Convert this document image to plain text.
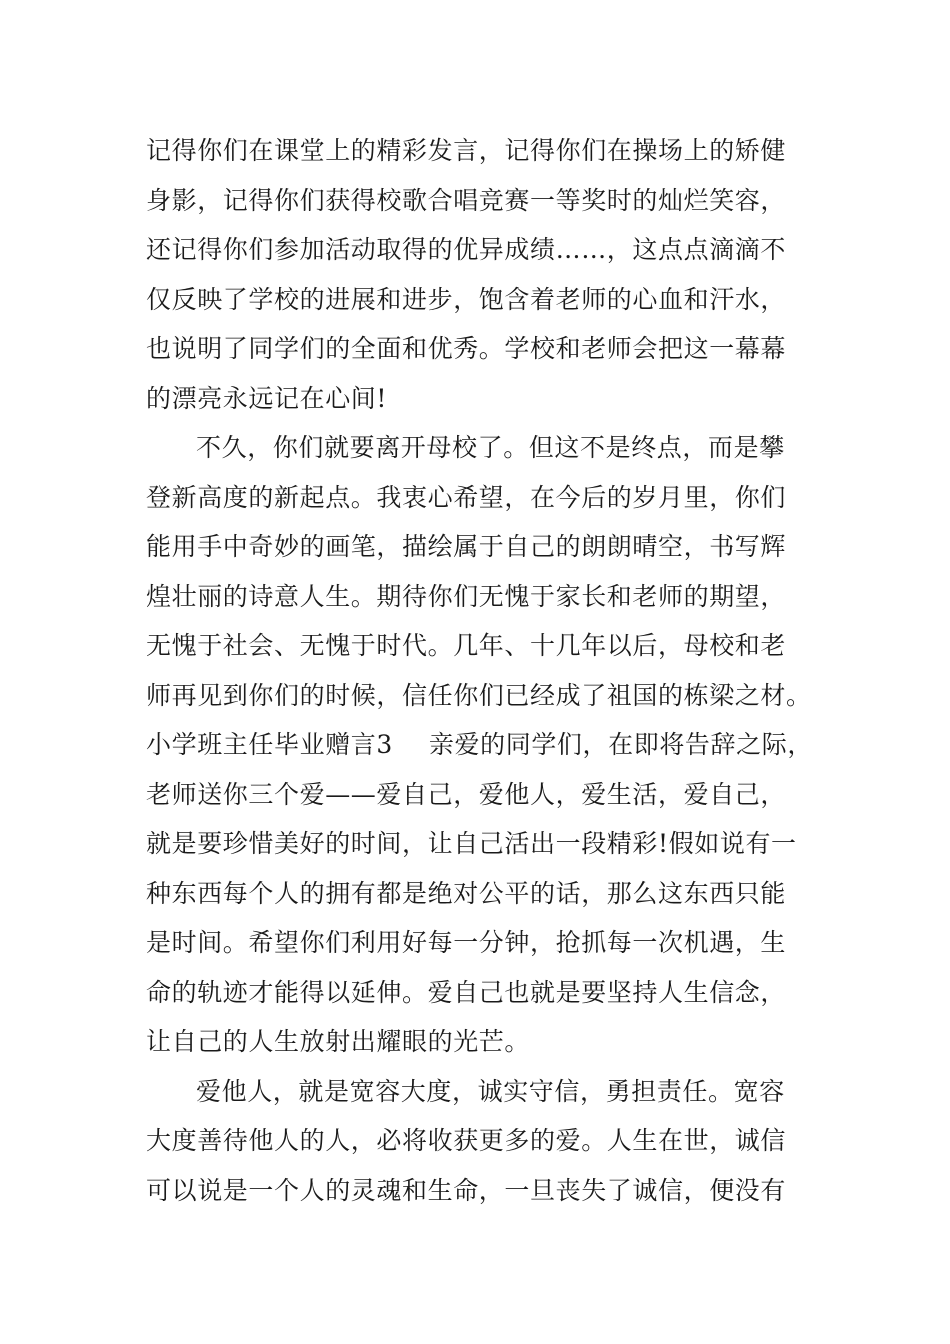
记得你们在课堂上的精彩发言，记得你们在操场上的矫健
身影，记得你们获得校歌合唱竞赛一等奖时的灿烂笑容，
还记得你们参加活动取得的优异成绩……，这点点滴滴不
仅反映了学校的进展和进步，饱含着老师的心血和汗水，
也说明了同学们的全面和优秀。学校和老师会把这一幕幕
的漂亮永远记在心间!
不久，你们就要离开母校了。但这不是终点，而是攀
登新高度的新起点。我衷心希望，在今后的岁月里，你们
能用手中奇妙的画笔，描绘属于自己的朗朗晴空，书写辉
煌壮丽的诗意人生。期待你们无愧于家长和老师的期望，
无愧于社会、无愧于时代。几年、十几年以后，母校和老
师再见到你们的时候，信任你们已经成了祖国的栋梁之材。
小学班主任毕业赠言3 亲爱的同学们，在即将告辞之际，
老师送你三个爱——爱自己，爱他人，爱生活，爱自己，
就是要珍惜美好的时间，让自己活出一段精彩!假如说有一
种东西每个人的拥有都是绝对公平的话，那么这东西只能
是时间。希望你们利用好每一分钟，抢抓每一次机遇，生
命的轨迹才能得以延伸。爱自己也就是要坚持人生信念，
让自己的人生放射出耀眼的光芒。
爱他人，就是宽容大度，诚实守信，勇担责任。宽容
大度善待他人的人，必将收获更多的爱。人生在世，诚信
可以说是一个人的灵魂和生命，一旦丧失了诚信，便没有
